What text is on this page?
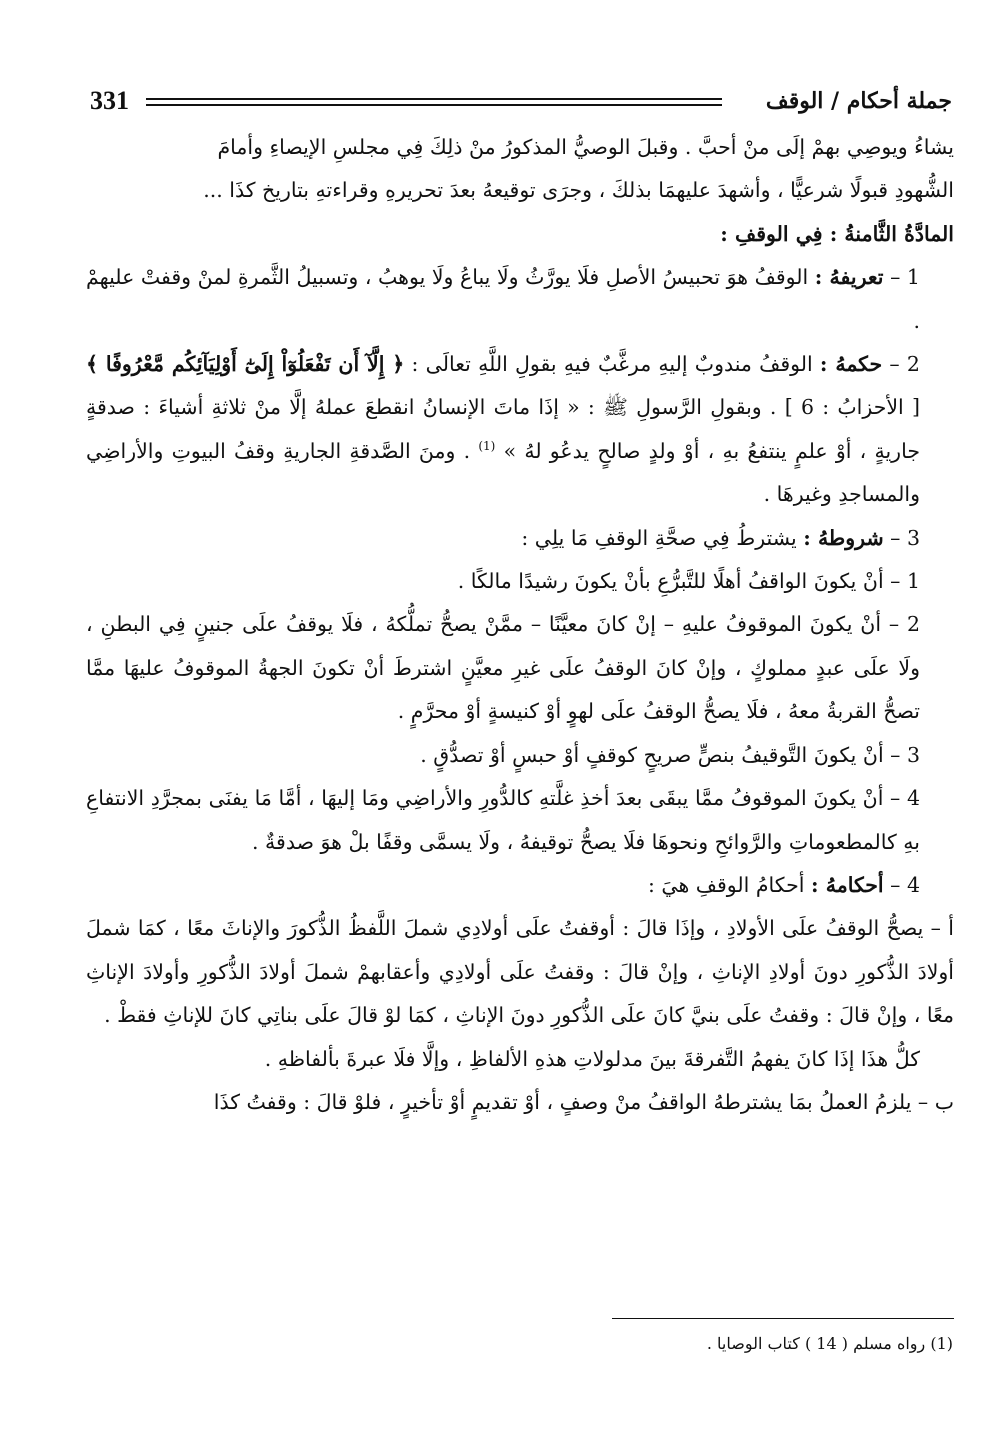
331	جملة أحكام / الوقف

يشاءُ ويوصِي بهمْ إلَى منْ أحبَّ . وقبلَ الوصيُّ المذكورُ منْ ذلِكَ فِي مجلسِ الإيصاءِ وأمامَ

الشُّهودِ قبولًا شرعيًّا ، وأشهدَ عليهمَا بذلكَ ، وجرَى توقيعهُ بعدَ تحريرهِ وقراءتهِ بتاريخ كذَا ...

المادَّةُ الثَّامنةُ : فِي الوقفِ :

1 – تعريفهُ : الوقفُ هوَ تحبيسُ الأصلِ فلَا يورَّثُ ولَا يباعُ ولَا يوهبُ ، وتسبيلُ الثَّمرةِ لمنْ وقفتْ عليهمْ .

2 – حكمهُ : الوقفُ مندوبٌ إليهِ مرغَّبٌ فيهِ بقولِ اللَّهِ تعالَى : ﴿ إِلَّآ أَن تَفْعَلُوٓاْ إِلَىٰٓ أَوْلِيَآئِكُم مَّعْرُوفًا ﴾ [ الأحزابُ : 6 ] . وبقولِ الرَّسولِ ﷺ : « إذَا ماتَ الإنسانُ انقطعَ عملهُ إلَّا منْ ثلاثةِ أشياءَ : صدقةٍ جاريةٍ ، أوْ علمٍ ينتفعُ بهِ ، أوْ ولدٍ صالحٍ يدعُو لهُ » $^{(1)}$ . ومنَ الصَّدقةِ الجاريةِ وقفُ البيوتِ والأراضِي والمساجدِ وغيرهَا .

3 – شروطهُ : يشترطُ فِي صحَّةِ الوقفِ مَا يلِي :

1 – أنْ يكونَ الواقفُ أهلًا للتَّبرُّعِ بأنْ يكونَ رشيدًا مالكًا .

2 – أنْ يكونَ الموقوفُ عليهِ – إنْ كانَ معيَّنًا – ممَّنْ يصحُّ تملُّكهُ ، فلَا يوقفُ علَى جنينٍ فِي البطنِ ، ولَا علَى عبدٍ مملوكٍ ، وإنْ كانَ الوقفُ علَى غيرِ معيَّنٍ اشترطَ أنْ تكونَ الجهةُ الموقوفُ عليهَا ممَّا تصحُّ القربةُ معهُ ، فلَا يصحُّ الوقفُ علَى لهوٍ أوْ كنيسةٍ أوْ محرَّمٍ .

3 – أنْ يكونَ التَّوقيفُ بنصٍّ صريحٍ كوقفٍ أوْ حبسٍ أوْ تصدُّقٍ .

4 – أنْ يكونَ الموقوفُ ممَّا يبقَى بعدَ أخذِ غلَّتهِ كالدُّورِ والأراضِي ومَا إليهَا ، أمَّا مَا يفنَى بمجرَّدِ الانتفاعِ بهِ كالمطعوماتِ والرَّوائحِ ونحوهَا فلَا يصحُّ توقيفهُ ، ولَا يسمَّى وقفًا بلْ هوَ صدقةٌ .

4 – أحكامهُ : أحكامُ الوقفِ هيَ :

أ – يصحُّ الوقفُ علَى الأولادِ ، وإذَا قالَ : أوقفتُ علَى أولادِي شملَ اللَّفظُ الذُّكورَ والإناثَ معًا ، كمَا شملَ أولادَ الذُّكورِ دونَ أولادِ الإناثِ ، وإنْ قالَ : وقفتُ علَى أولادِي وأعقابهمْ شملَ أولادَ الذُّكورِ وأولادَ الإناثِ معًا ، وإنْ قالَ : وقفتُ علَى بنيَّ كانَ علَى الذُّكورِ دونَ الإناثِ ، كمَا لوْ قالَ علَى بناتِي كانَ للإناثِ فقطْ .

كلُّ هذَا إذَا كانَ يفهمُ التَّفرقةَ بينَ مدلولاتِ هذهِ الألفاظِ ، وإلَّا فلَا عبرةَ بألفاظهِ .

ب – يلزمُ العملُ بمَا يشترطهُ الواقفُ منْ وصفٍ ، أوْ تقديمٍ أوْ تأخيرٍ ، فلوْ قالَ : وقفتُ كذَا

(1) رواه مسلم ( 14 ) كتاب الوصايا .
